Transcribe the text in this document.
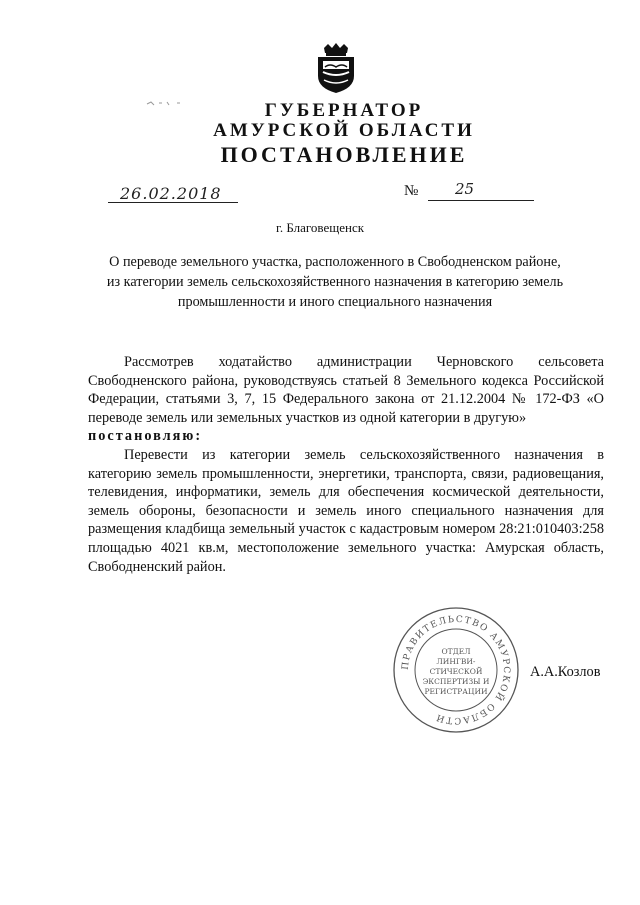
ГУБЕРНАТОР
АМУРСКОЙ ОБЛАСТИ
ПОСТАНОВЛЕНИЕ
26.02.2018	№ 25
г. Благовещенск
О переводе земельного участка, расположенного в Свободненском районе,
из категории земель сельскохозяйственного назначения в категорию земель
промышленности и иного специального назначения

Рассмотрев ходатайство администрации Черновского сельсовета Свободненского района, руководствуясь статьей 8 Земельного кодекса Российской Федерации, статьями 3, 7, 15 Федерального закона от 21.12.2004 № 172-ФЗ «О переводе земель или земельных участков из одной категории в другую»

постановляю:

Перевести из категории земель сельскохозяйственного назначения в категорию земель промышленности, энергетики, транспорта, связи, радиовещания, телевидения, информатики, земель для обеспечения космической деятельности, земель обороны, безопасности и земель иного специального назначения для размещения кладбища земельный участок с кадастровым номером 28:21:010403:258 площадью 4021 кв.м, местоположение земельного участка: Амурская область, Свободненский район.

ПРАВИТЕЛЬСТВО АМУРСКОЙ ОБЛАСТИ
ОТДЕЛ
ЛИНГВИ-
СТИЧЕСКОЙ
ЭКСПЕРТИЗЫ И
РЕГИСТРАЦИИ
А.А.Козлов
